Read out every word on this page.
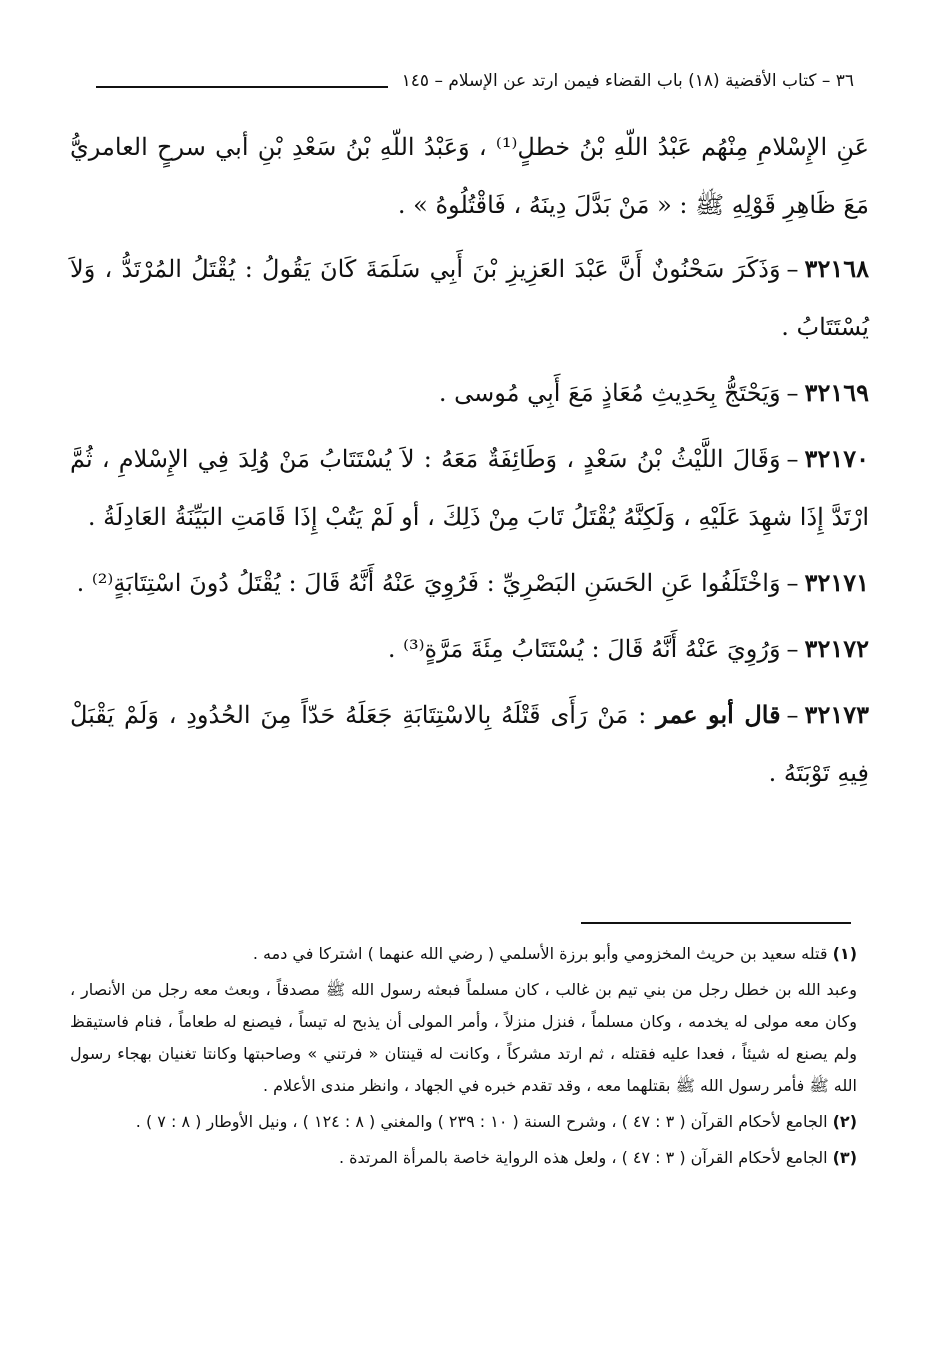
٣٦ – كتاب الأقضية (١٨) باب القضاء فيمن ارتد عن الإسلام – ١٤٥

عَنِ الإِسْلامِ مِنْهُم عَبْدُ اللّهِ بْنُ خطلٍ⁽¹⁾ ، وَعَبْدُ اللّهِ بْنُ سَعْدِ بْنِ أبي سرحٍ العامريُّ مَعَ ظَاهِرِ قَوْلِهِ ﷺ : « مَنْ بَدَّلَ دِينَهُ ، فَاقْتُلُوهُ » .

٣٢١٦٨–وَذَكَرَ سَحْنُونٌ أَنَّ عَبْدَ العَزِيزِ بْنَ أَبِي سَلَمَةَ كَانَ يَقُولُ : يُقْتَلُ المُرْتَدُّ ، وَلاَ يُسْتَتَابُ .

٣٢١٦٩–وَيَحْتَجُّ بِحَدِيثِ مُعَاذٍ مَعَ أَبِي مُوسى .

٣٢١٧٠–وَقَالَ اللَّيْثُ بْنُ سَعْدٍ ، وَطَائِفَةٌ مَعَهُ : لاَ يُسْتَتَابُ مَنْ وُلِدَ فِي الإِسْلامِ ، ثُمَّ ارْتَدَّ إِذَا شهِدَ عَلَيْهِ ، وَلَكِنَّهُ يُقْتَلُ تَابَ مِنْ ذَلِكَ ، أو لَمْ يَتُبْ إِذَا قَامَتِ البَيِّنَةُ العَادِلَةُ .

٣٢١٧١–وَاخْتَلَفُوا عَنِ الحَسَنِ البَصْرِيِّ : فَرُوِيَ عَنْهُ أَنَّهُ قَالَ : يُقْتَلُ دُونَ اسْتِتَابَةٍ⁽²⁾ .

٣٢١٧٢–وَرُوِيَ عَنْهُ أَنَّهُ قَالَ : يُسْتَتَابُ مِئَةَ مَرَّةٍ⁽³⁾ .

٣٢١٧٣–قال أبو عمر : مَنْ رَأَى قَتْلَهُ بِالاسْتِتَابَةِ جَعَلَهُ حَدّاً مِنَ الحُدُودِ ، وَلَمْ يَقْبَلْ فِيهِ تَوْبَتَهُ .

(١) قتله سعيد بن حريث المخزومي وأبو برزة الأسلمي ( رضي الله عنهما ) اشتركا في دمه .

وعبد الله بن خطل رجل من بني تيم بن غالب ، كان مسلماً فبعثه رسول الله ﷺ مصدقاً ، وبعث معه رجل من الأنصار ، وكان معه مولى له يخدمه ، وكان مسلماً ، فنزل منزلاً ، وأمر المولى أن يذبح له تيساً ، فيصنع له طعاماً ، فنام فاستيقظ ولم يصنع له شيئاً ، فعدا عليه فقتله ، ثم ارتد مشركاً ، وكانت له قينتان « فرتني » وصاحبتها وكانتا تغنيان بهجاء رسول الله ﷺ فأمر رسول الله ﷺ بقتلهما معه ، وقد تقدم خبره في الجهاد ، وانظر مندى الأعلام .

(٢) الجامع لأحكام القرآن ( ٣ : ٤٧ ) ، وشرح السنة ( ١٠ : ٢٣٩ ) والمغني ( ٨ : ١٢٤ ) ، ونيل الأوطار ( ٨ : ٧ ) .

(٣) الجامع لأحكام القرآن ( ٣ : ٤٧ ) ، ولعل هذه الرواية خاصة بالمرأة المرتدة .
